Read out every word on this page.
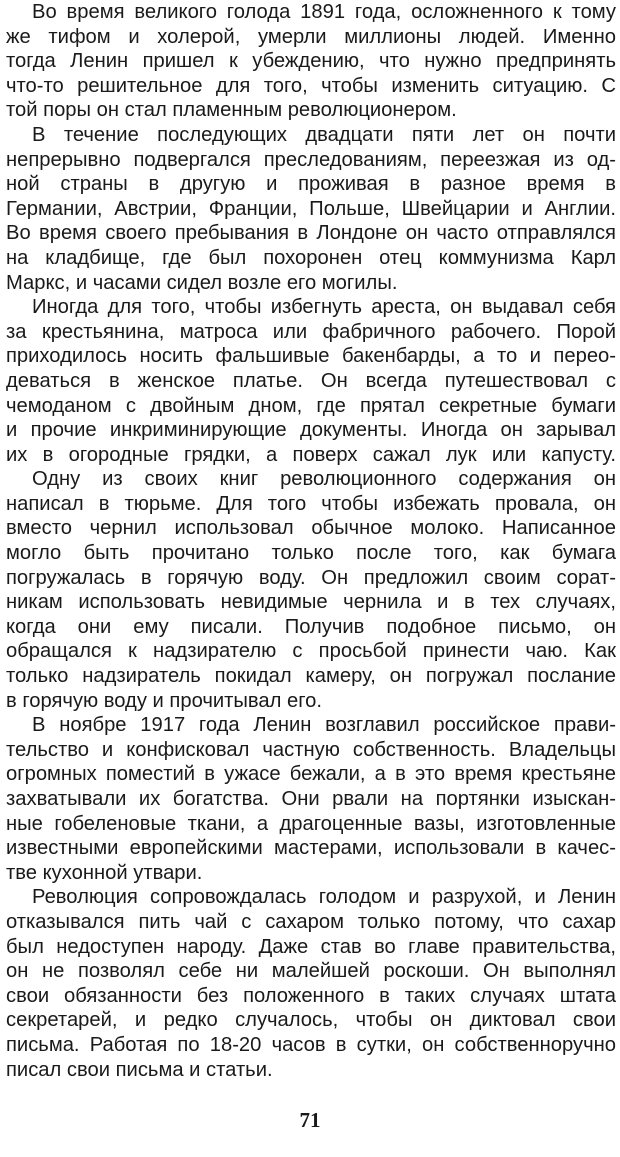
Во время великого голода 1891 года, осложненного к тому
же тифом и холерой, умерли миллионы людей. Именно
тогда Ленин пришел к убеждению, что нужно предпринять
что-то решительное для того, чтобы изменить ситуацию. С
той поры он стал пламенным революционером.
В течение последующих двадцати пяти лет он почти
непрерывно подвергался преследованиям, переезжая из од-
ной страны в другую и проживая в разное время в
Германии, Австрии, Франции, Польше, Швейцарии и Англии.
Во время своего пребывания в Лондоне он часто отправлялся
на кладбище, где был похоронен отец коммунизма Карл
Маркс, и часами сидел возле его могилы.
Иногда для того, чтобы избегнуть ареста, он выдавал себя
за крестьянина, матроса или фабричного рабочего. Порой
приходилось носить фальшивые бакенбарды, а то и переo-
деваться в женское платье. Он всегда путешествовал с
чемоданом с двойным дном, где прятал секретные бумаги
и прочие инкриминирующие документы. Иногда он зарывал
их в огородные грядки, а поверх сажал лук или капусту.
Одну из своих книг революционного содержания он
написал в тюрьме. Для того чтобы избежать провала, он
вместо чернил использовал обычное молоко. Написанное
могло быть прочитано только после того, как бумага
погружалась в горячую воду. Он предложил своим сорат-
никам использовать невидимые чернила и в тех случаях,
когда они ему писали. Получив подобное письмо, он
обращался к надзирателю с просьбой принести чаю. Как
только надзиратель покидал камеру, он погружал послание
в горячую воду и прочитывал его.
В ноябре 1917 года Ленин возглавил российское прави-
тельство и конфисковал частную собственность. Владельцы
огромных поместий в ужасе бежали, а в это время крестьяне
захватывали их богатства. Они рвали на портянки изыскан-
ные гобеленовые ткани, а драгоценные вазы, изготовленные
известными европейскими мастерами, использовали в качес-
тве кухонной утвари.
Революция сопровождалась голодом и разрухой, и Ленин
отказывался пить чай с сахаром только потому, что сахар
был недоступен народу. Даже став во главе правительства,
он не позволял себе ни малейшей роскоши. Он выполнял
свои обязанности без положенного в таких случаях штата
секретарей, и редко случалось, чтобы он диктовал свои
письма. Работая по 18-20 часов в сутки, он собственноручно
писал свои письма и статьи.
71
